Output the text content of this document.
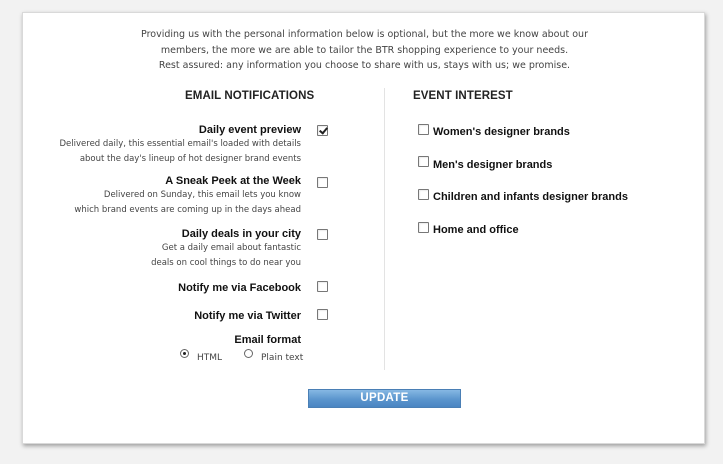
Providing us with the personal information below is optional, but the more we know about our
members, the more we are able to tailor the BTR shopping experience to your needs.
Rest assured: any information you choose to share with us, stays with us; we promise.
EMAIL NOTIFICATIONS	EVENT INTEREST
Daily event preview
Delivered daily, this essential email's loaded with details
about the day's lineup of hot designer brand events
A Sneak Peek at the Week
Delivered on Sunday, this email lets you know
which brand events are coming up in the days ahead
Daily deals in your city
Get a daily email about fantastic
deals on cool things to do near you
Notify me via Facebook
Notify me via Twitter
Email format
HTML	Plain text
Women's designer brands
Men's designer brands
Children and infants designer brands
Home and office
UPDATE
